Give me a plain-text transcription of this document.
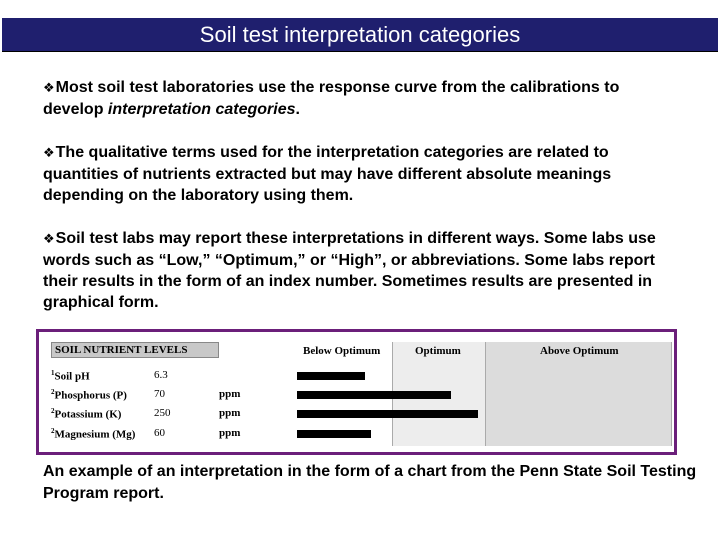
Soil test interpretation categories

❖Most soil test laboratories use the response curve from the calibrations to develop interpretation categories.

❖The qualitative terms used for the interpretation categories are related to quantities of nutrients extracted but may have different absolute meanings depending on the laboratory using them.

❖Soil test labs may report these interpretations in different ways. Some labs use words such as “Low,” “Optimum,” or “High”, or abbreviations. Some labs report their results in the form of an index number. Sometimes results are presented in graphical form.

Below Optimum	Optimum	Above Optimum
SOIL NUTRIENT LEVELS
$^1$Soil pH	6.3
$^2$Phosphorus (P) 70	ppm
$^2$Potassium (K)	250	ppm
$^2$Magnesium (Mg) 60	ppm
An example of an interpretation in the form of a chart from the Penn State Soil Testing Program report.
